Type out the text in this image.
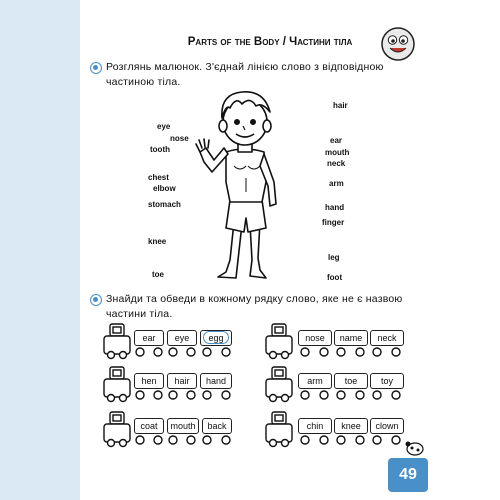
Parts of the Body / Частини тіла
Розглянь малюнок. З'єднай лінією слово з відповідною
частиною тіла.
eye
nose
tooth
chest
elbow
stomach
knee
toe
hair
ear
mouth
neck
arm
hand
finger
leg
foot
Знайди та обведи в кожному рядку слово, яке не є назвою
частини тіла.
ear	eye	egg	nose	name	neck
hen	hair	hand	arm	toe	toy
coat	mouth	back	chin	knee	clown
49
